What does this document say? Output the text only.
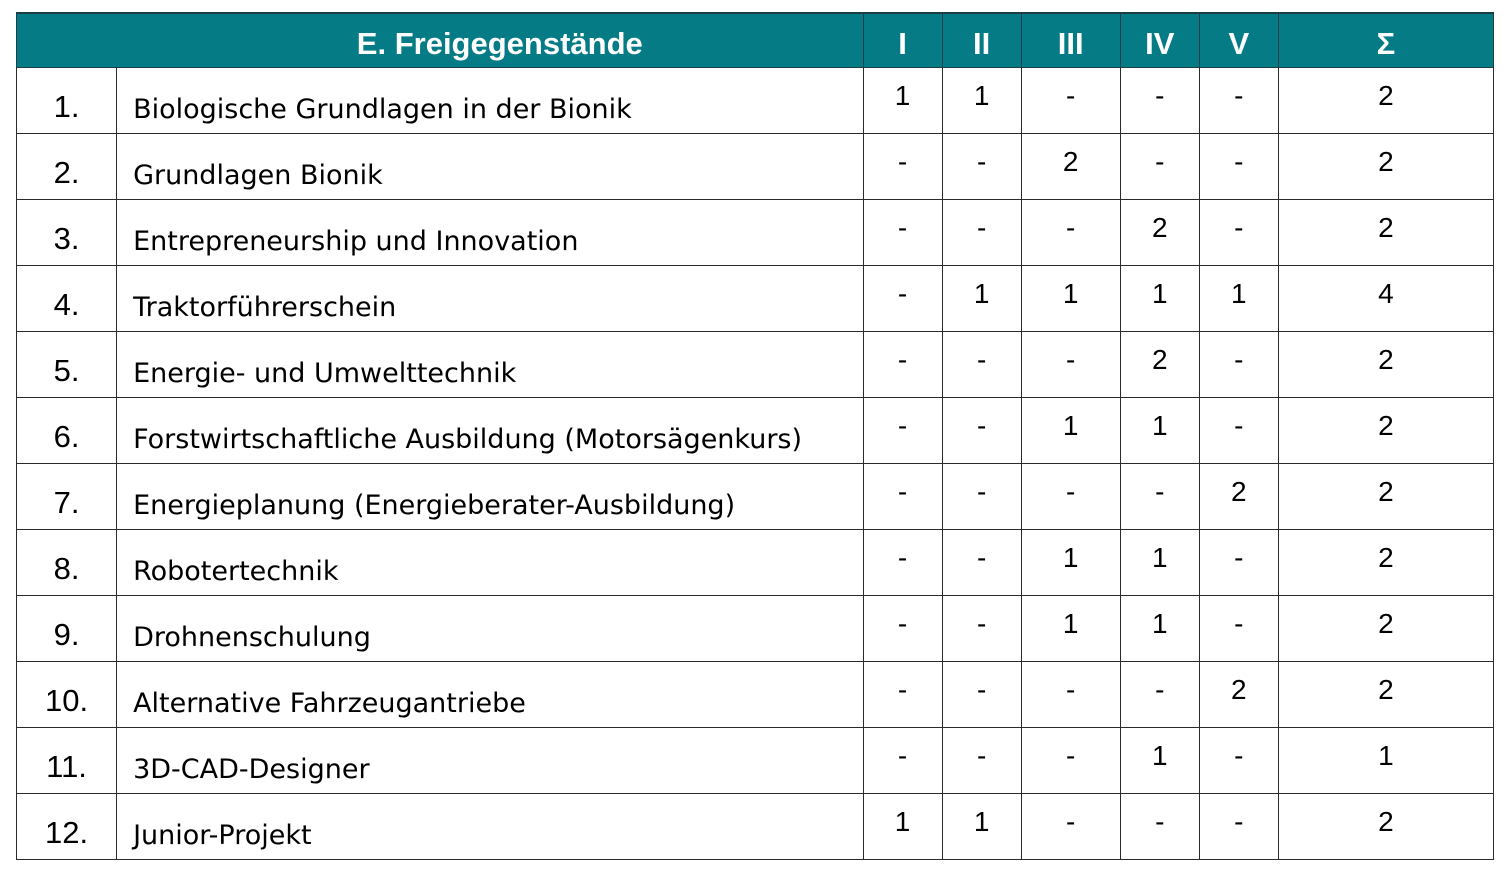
E. Freigegenstände		I	II	III	IV	V	Σ
1.	Biologische Grundlagen in der Bionik	1	1	-	-	-	2
2.	Grundlagen Bionik	-	-	2	-	-	2
3.	Entrepreneurship und Innovation	-	-	-	2	-	2
4.	Traktorführerschein	-	1	1	1	1	4
5.	Energie- und Umwelttechnik	-	-	-	2	-	2
6.	Forstwirtschaftliche Ausbildung (Motorsägenkurs)	-	-	1	1	-	2
7.	Energieplanung (Energieberater-Ausbildung)	-	-	-	-	2	2
8.	Robotertechnik	-	-	1	1	-	2
9.	Drohnenschulung	-	-	1	1	-	2
10.	Alternative Fahrzeugantriebe	-	-	-	-	2	2
11.	3D-CAD-Designer	-	-	-	1	-	1
12.	Junior-Projekt	1	1	-	-	-	2
